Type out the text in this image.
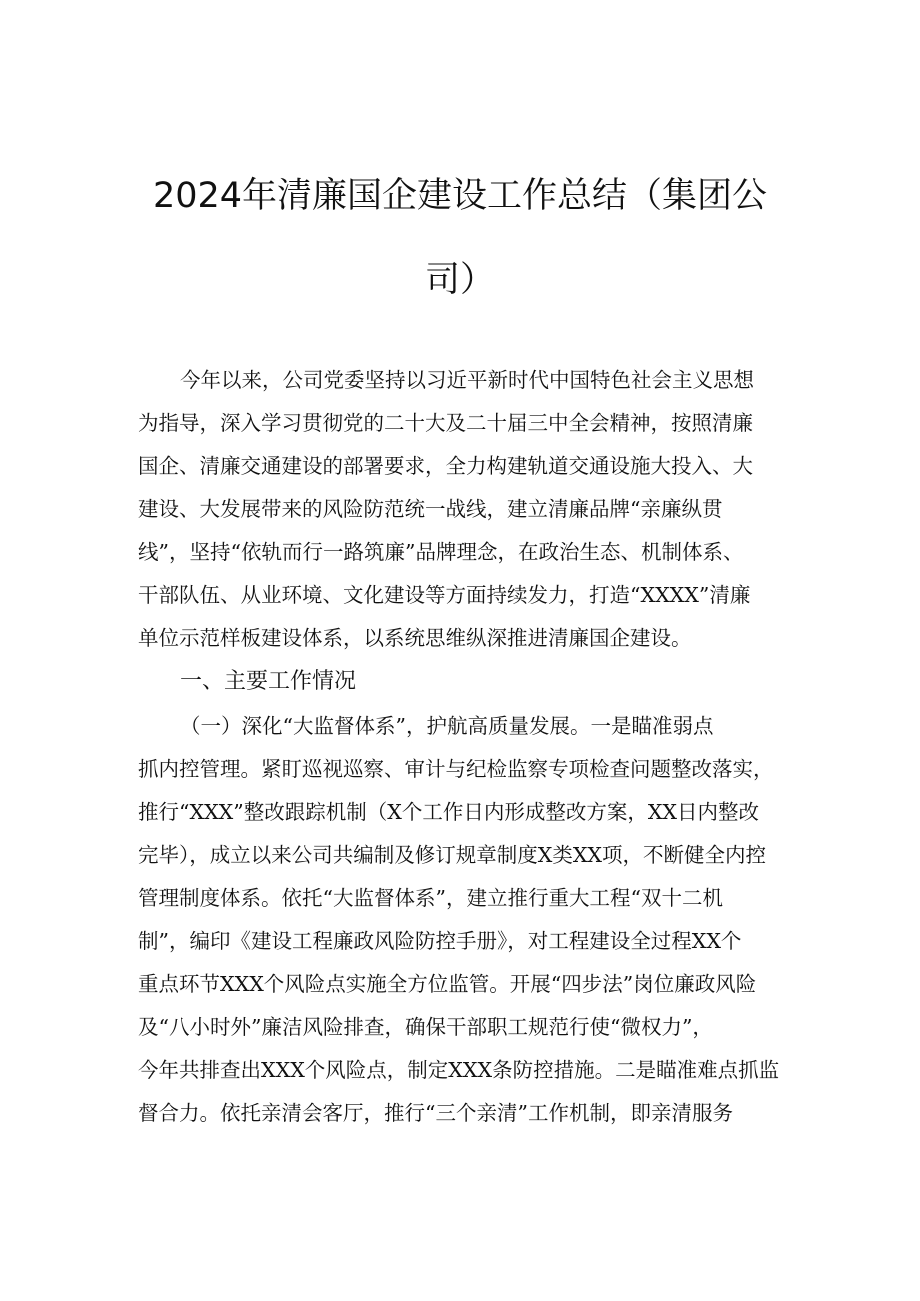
2024年清廉国企建设工作总结（集团公
司）
今年以来，公司党委坚持以习近平新时代中国特色社会主义思想
为指导，深入学习贯彻党的二十大及二十届三中全会精神，按照清廉
国企、清廉交通建设的部署要求，全力构建轨道交通设施大投入、大
建设、大发展带来的风险防范统一战线，建立清廉品牌“亲廉纵贯
线”，坚持“依轨而行一路筑廉”品牌理念，在政治生态、机制体系、
干部队伍、从业环境、文化建设等方面持续发力，打造“XXXX”清廉
单位示范样板建设体系，以系统思维纵深推进清廉国企建设。
一、主要工作情况
（一）深化“大监督体系”，护航高质量发展。一是瞄准弱点
抓内控管理。紧盯巡视巡察、审计与纪检监察专项检查问题整改落实，
推行“XXX”整改跟踪机制（X个工作日内形成整改方案，XX日内整改
完毕），成立以来公司共编制及修订规章制度X类XX项，不断健全内控
管理制度体系。依托“大监督体系”，建立推行重大工程“双十二机
制”，编印《建设工程廉政风险防控手册》，对工程建设全过程XX个
重点环节XXX个风险点实施全方位监管。开展“四步法”岗位廉政风险
及“八小时外”廉洁风险排查，确保干部职工规范行使“微权力”，
今年共排查出XXX个风险点，制定XXX条防控措施。二是瞄准难点抓监
督合力。依托亲清会客厅，推行“三个亲清”工作机制，即亲清服务
